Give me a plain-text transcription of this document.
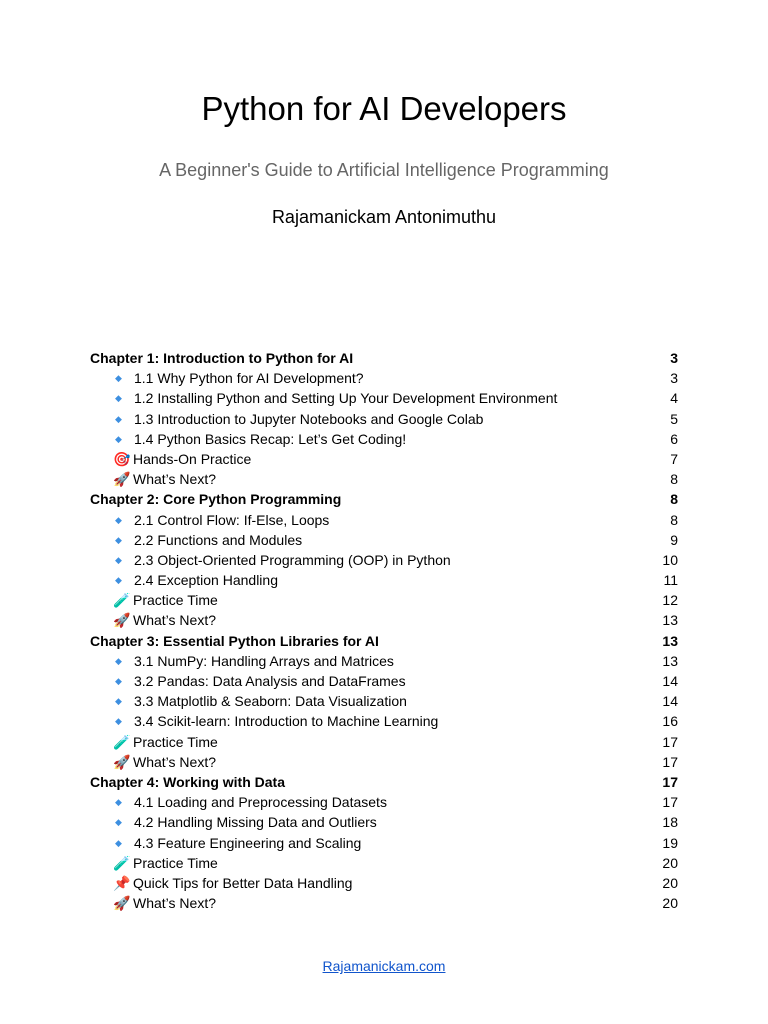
Python for AI Developers
A Beginner's Guide to Artificial Intelligence Programming
Rajamanickam Antonimuthu
Chapter 1: Introduction to Python for AI	3
◆ 1.1 Why Python for AI Development?	3
◆ 1.2 Installing Python and Setting Up Your Development Environment	4
◆ 1.3 Introduction to Jupyter Notebooks and Google Colab	5
◆ 1.4 Python Basics Recap: Let’s Get Coding!	6
🎯 Hands-On Practice	7
🚀 What’s Next?	8
Chapter 2: Core Python Programming	8
◆ 2.1 Control Flow: If-Else, Loops	8
◆ 2.2 Functions and Modules	9
◆ 2.3 Object-Oriented Programming (OOP) in Python	10
◆ 2.4 Exception Handling	11
🧪 Practice Time	12
🚀 What’s Next?	13
Chapter 3: Essential Python Libraries for AI	13
◆ 3.1 NumPy: Handling Arrays and Matrices	13
◆ 3.2 Pandas: Data Analysis and DataFrames	14
◆ 3.3 Matplotlib & Seaborn: Data Visualization	14
◆ 3.4 Scikit-learn: Introduction to Machine Learning	16
🧪 Practice Time	17
🚀 What’s Next?	17
Chapter 4: Working with Data	17
◆ 4.1 Loading and Preprocessing Datasets	17
◆ 4.2 Handling Missing Data and Outliers	18
◆ 4.3 Feature Engineering and Scaling	19
🧪 Practice Time	20
📌 Quick Tips for Better Data Handling	20
🚀 What’s Next?	20
Rajamanickam.com
